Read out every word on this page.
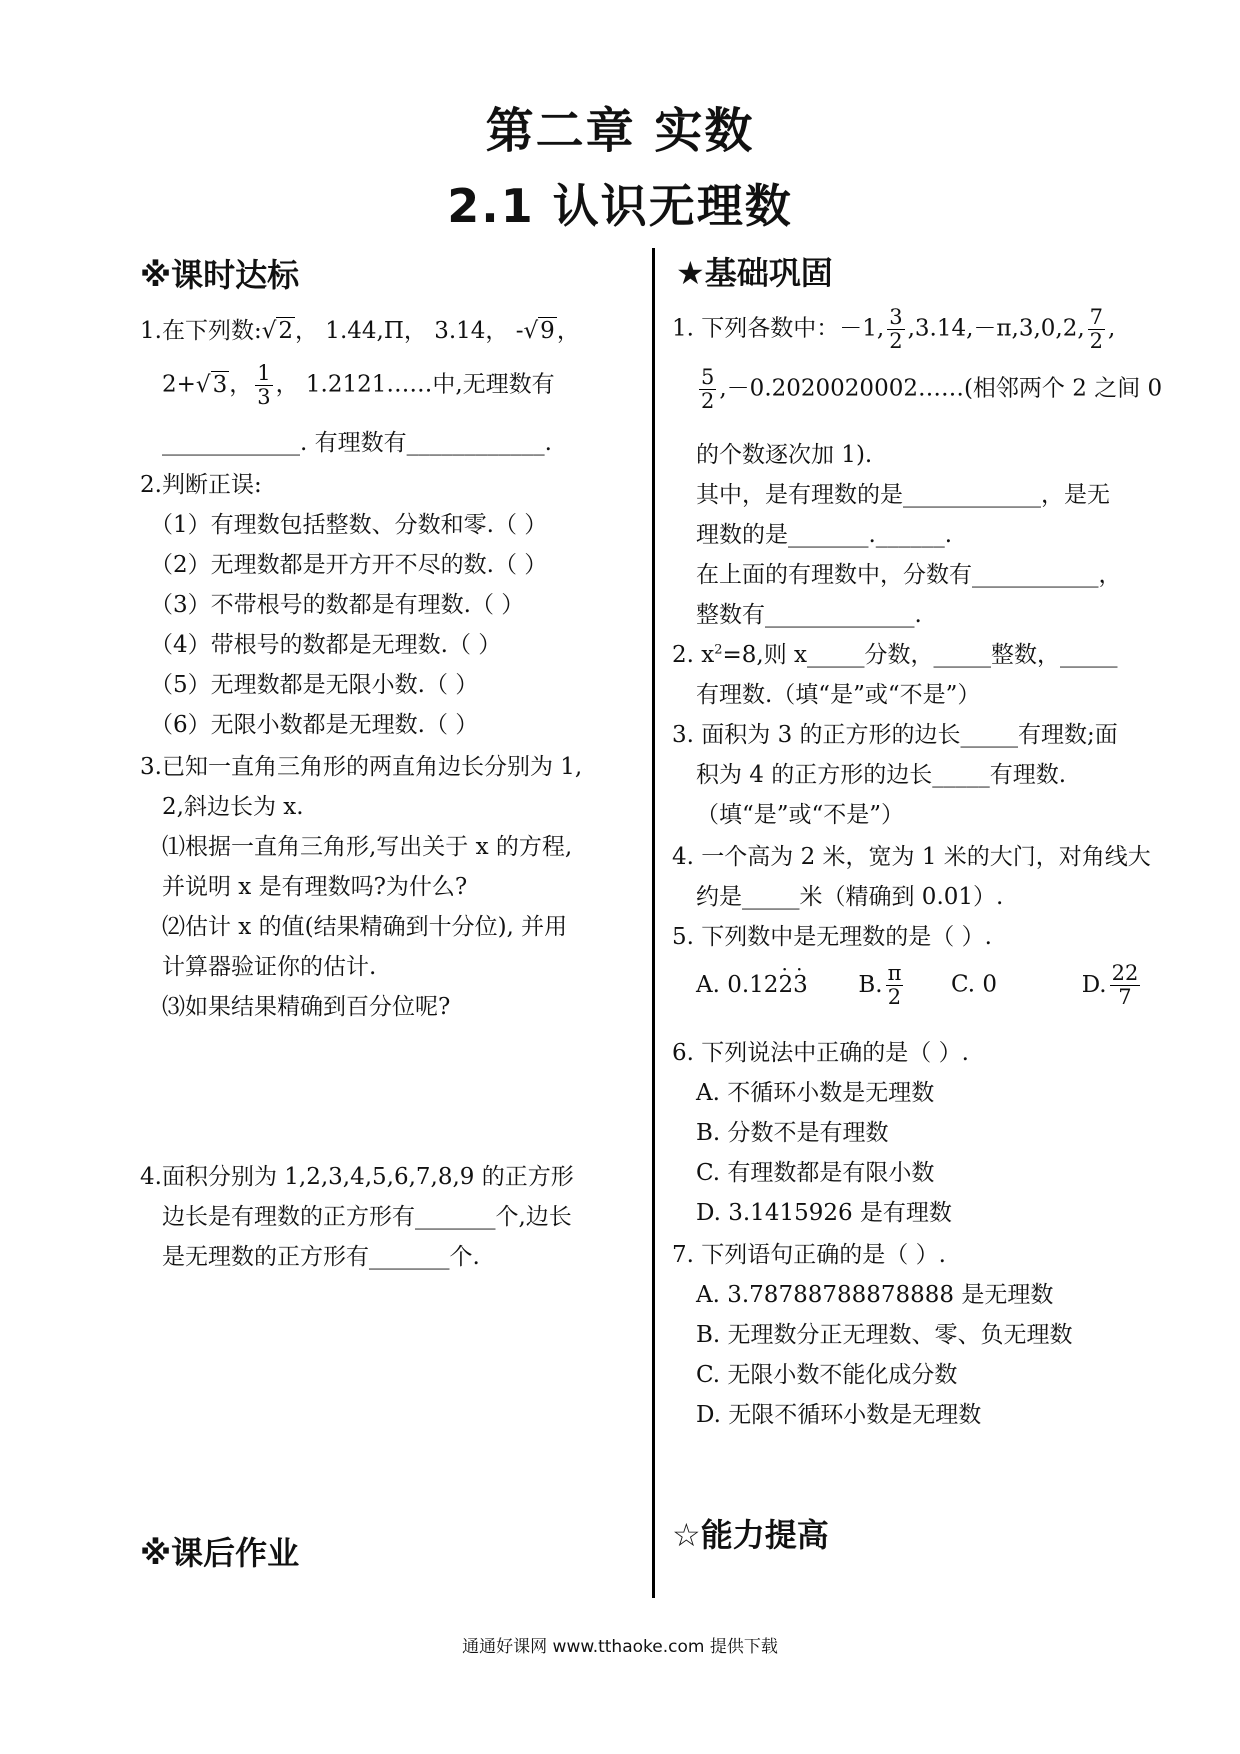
第二章 实数
2.1 认识无理数
※课时达标
1.在下列数:√2， 1.44,Π， 3.14， -√9，
2+√3， $\frac{1}{3}$ ， 1.2121……中,无理数有
____________. 有理数有____________.
2.判断正误:
（1）有理数包括整数、分数和零.（ ）
（2）无理数都是开方开不尽的数.（ ）
（3）不带根号的数都是有理数.（ ）
（4）带根号的数都是无理数.（ ）
（5）无理数都是无限小数.（ ）
（6）无限小数都是无理数.（ ）
3.已知一直角三角形的两直角边长分别为 1,
2,斜边长为 x.
⑴根据一直角三角形,写出关于 x 的方程,
并说明 x 是有理数吗?为什么?
⑵估计 x 的值(结果精确到十分位), 并用
计算器验证你的估计.
⑶如果结果精确到百分位呢?
4.面积分别为 1,2,3,4,5,6,7,8,9 的正方形
边长是有理数的正方形有_______个,边长
是无理数的正方形有_______个.
※课后作业
★基础巩固
1. 下列各数中：－1, $\frac{3}{2} ,3.14,-\pi,3,0,2$, $\frac{7}{2}$ ,
$\frac{5}{2}$ ,－0.2020020002……(相邻两个 2 之间 0
的个数逐次加 1).
其中，是有理数的是____________，是无
理数的是_______.______.
在上面的有理数中，分数有___________，
整数有_____________.
2. $x^2=8$,则 x_____分数，_____整数，_____
有理数.（填“是”或“不是”）
3. 面积为 3 的正方形的边长_____有理数;面
积为 4 的正方形的边长_____有理数.
（填“是”或“不是”）
4. 一个高为 2 米，宽为 1 米的大门，对角线大
约是_____米（精确到 0.01）.
5. 下列数中是无理数的是（ ）.
A. 0.12· 2· 3 B. $\frac{\pi}{2} C$. 0	D. $\frac{22}{7}$
6. 下列说法中正确的是（ ）.
A. 不循环小数是无理数
B. 分数不是有理数
C. 有理数都是有限小数
D. 3.1415926 是有理数
7. 下列语句正确的是（ ）.
A. 3.78788788878888 是无理数
B. 无理数分正无理数、零、负无理数
C. 无限小数不能化成分数
D. 无限不循环小数是无理数
☆能力提高
通通好课网 www.tthaoke.com 提供下载
